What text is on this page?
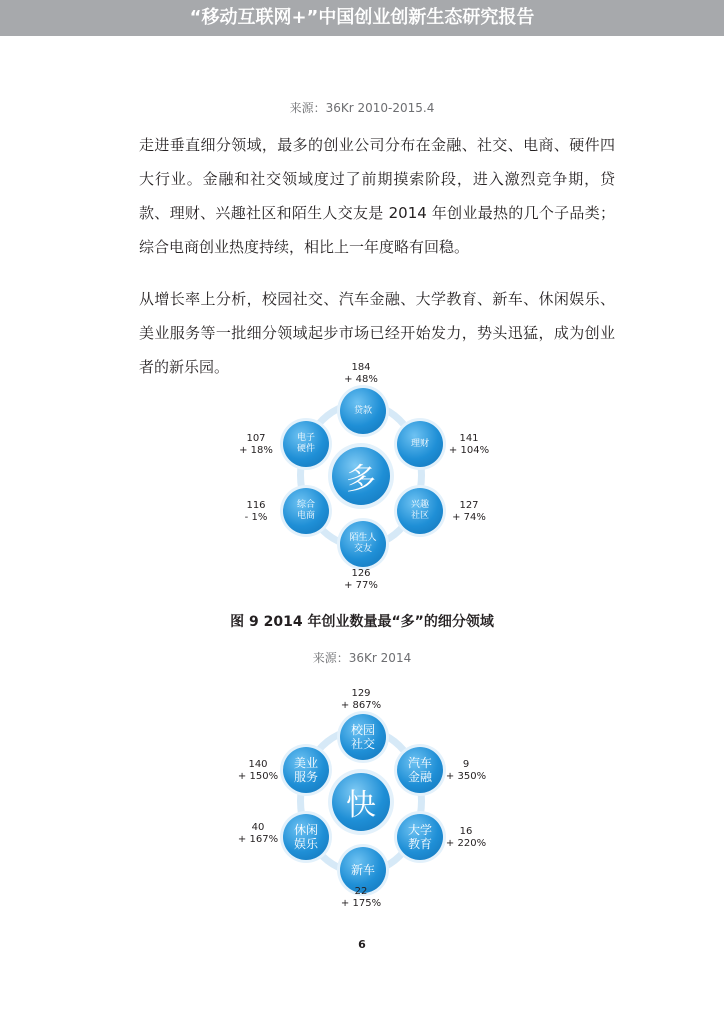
“移动互联网+”中国创业创新生态研究报告
来源：36Kr 2010-2015.4
走进垂直细分领域，最多的创业公司分布在金融、社交、电商、硬件四大行业。金融和社交领域度过了前期摸索阶段，进入激烈竞争期，贷款、理财、兴趣社区和陌生人交友是 2014 年创业最热的几个子品类；综合电商创业热度持续，相比上一年度略有回稳。
从增长率上分析，校园社交、汽车金融、大学教育、新车、休闲娱乐、美业服务等一批细分领域起步市场已经开始发力，势头迅猛，成为创业者的新乐园。
多
贷款
184
+ 48%
理财	141
+ 104%
兴趣
社区
127
+ 74%
陌生人
交友
126
+ 77%
综合
电商
116
- 1%
电子
硬件
107
+ 18%
图 9 2014 年创业数量最“多”的细分领域
来源：36Kr 2014
快
校园
社交
129
+ 867%
汽车
金融
9
+ 350%
大学
教育
16
+ 220%
新车
22
+ 175%
休闲
娱乐
40
+ 167%
美业
服务
140
+ 150%
6
